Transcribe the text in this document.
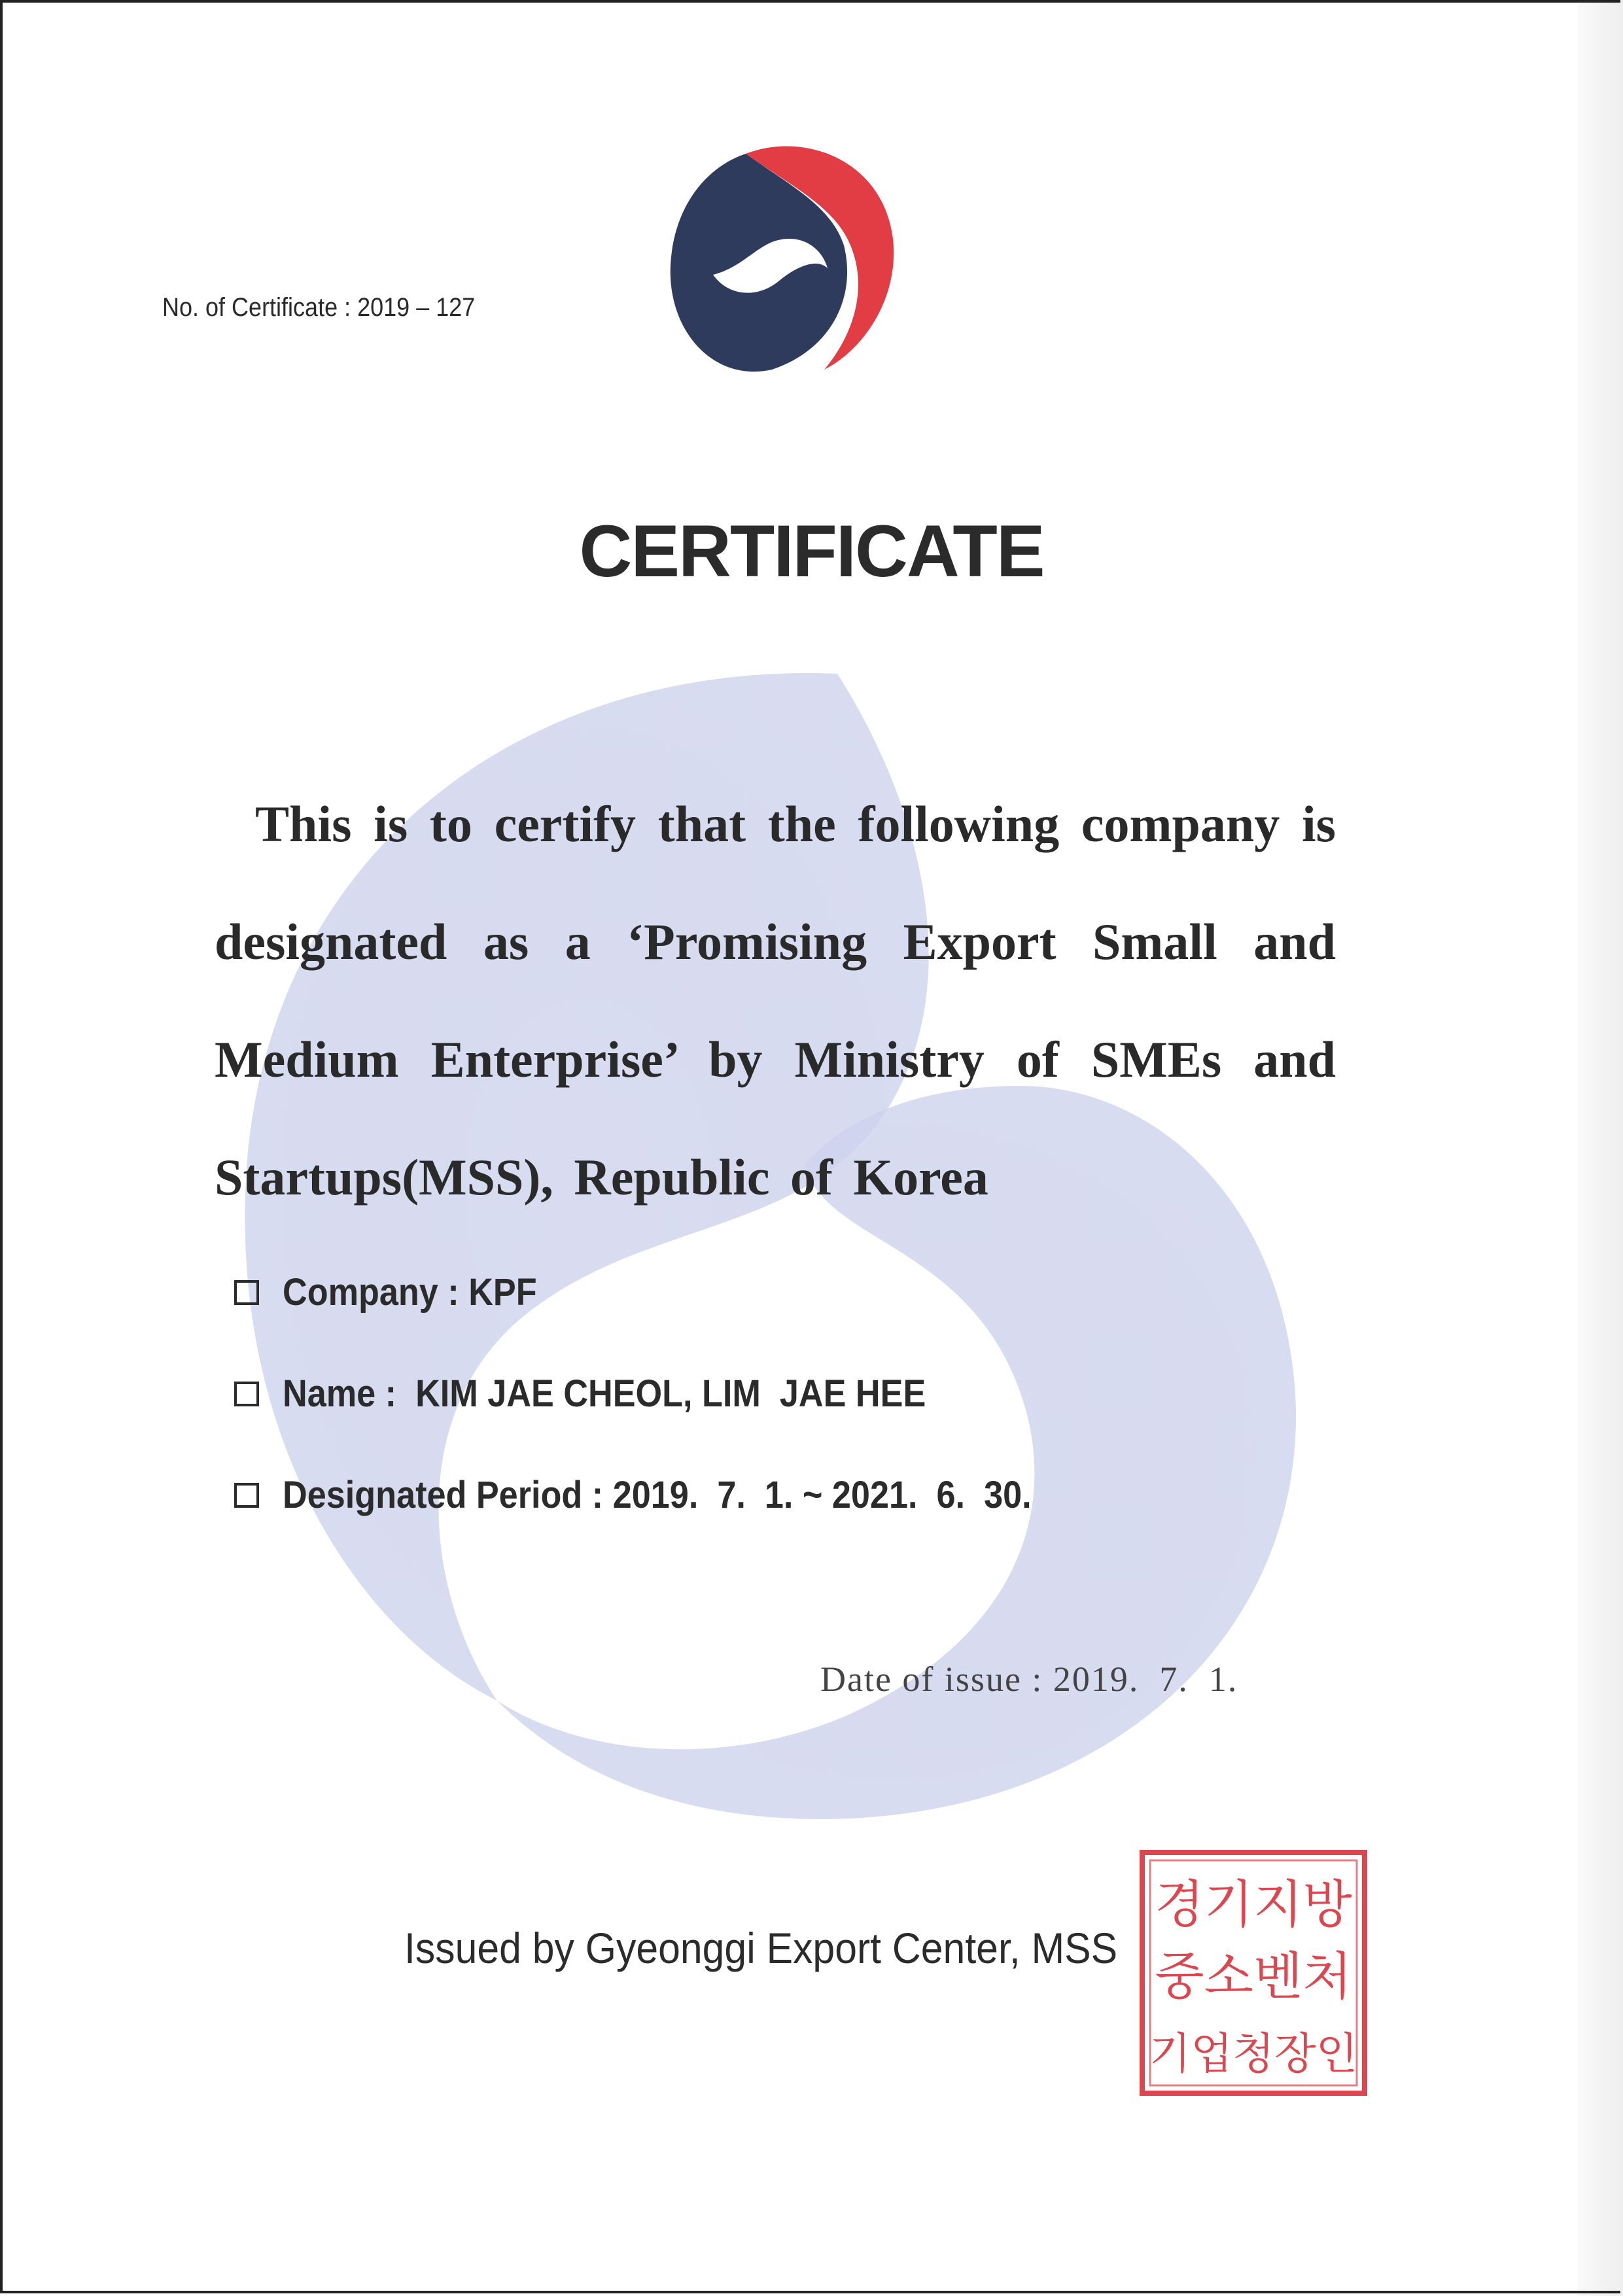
No. of Certificate : 2019 – 127
CERTIFICATE
This is to certify that the following company is designated as a ‘Promising Export Small and Medium Enterprise’ by Ministry of SMEs and Startups(MSS), Republic of Korea
Company : KPF
Name :  KIM JAE CHEOL, LIM  JAE HEE
Designated Period : 2019.  7.  1. ~ 2021.  6.  30.
Date of issue : 2019.  7.  1.
Issued by Gyeonggi Export Center, MSS
경기지방
중소벤처
기업청장인
